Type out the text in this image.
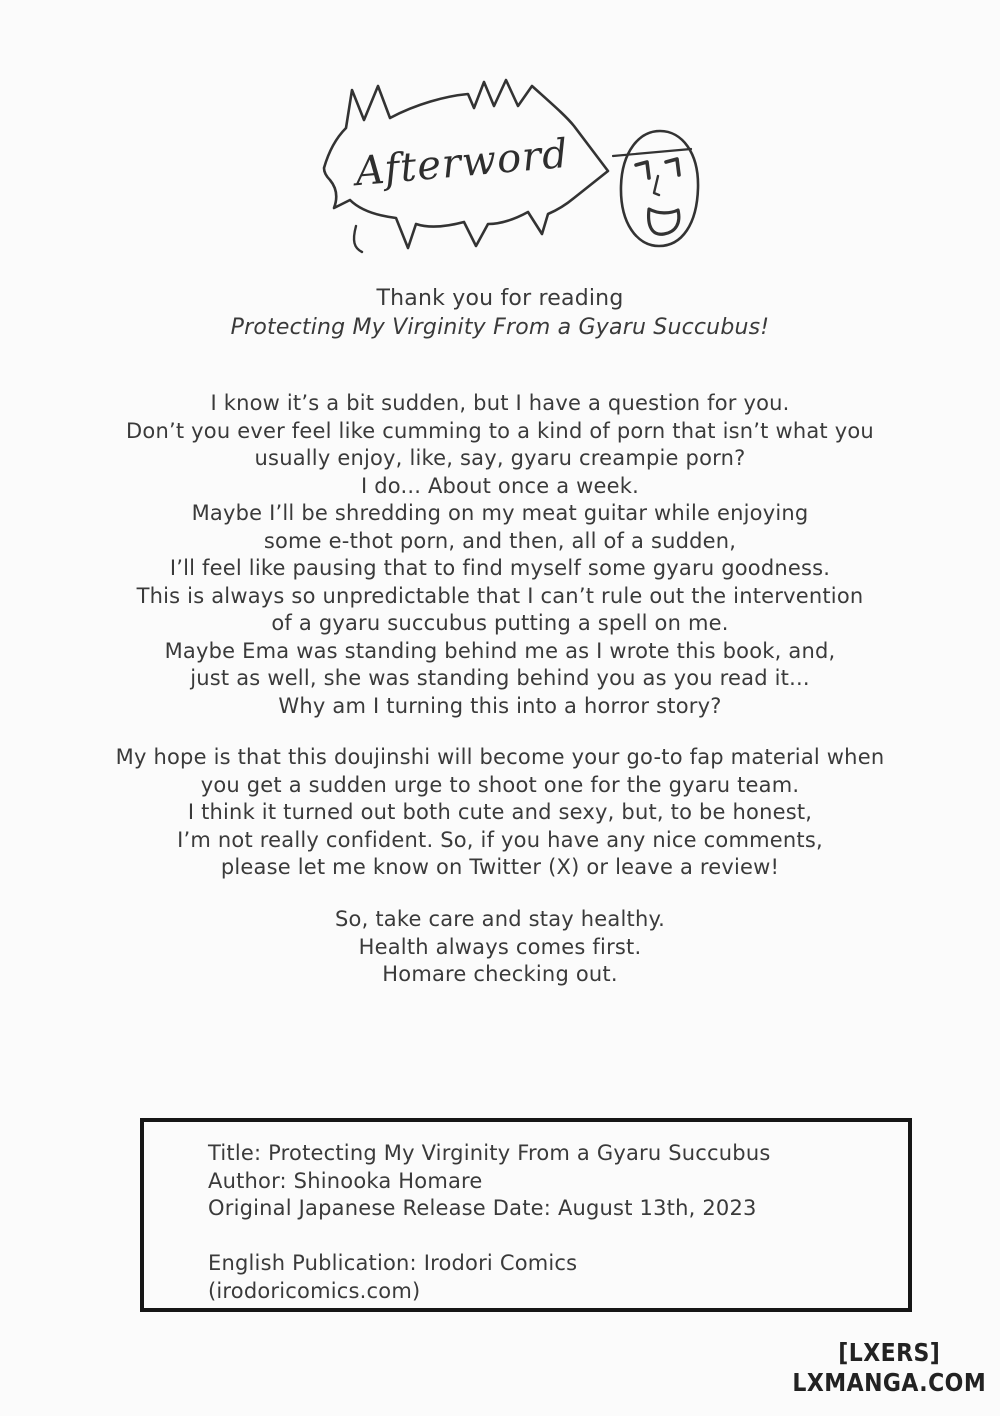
Afterword
Thank you for reading
Protecting My Virginity From a Gyaru Succubus!
I know it’s a bit sudden, but I have a question for you.
Don’t you ever feel like cumming to a kind of porn that isn’t what you
usually enjoy, like, say, gyaru creampie porn?
I do... About once a week.
Maybe I’ll be shredding on my meat guitar while enjoying
some e-thot porn, and then, all of a sudden,
I’ll feel like pausing that to find myself some gyaru goodness.
This is always so unpredictable that I can’t rule out the intervention
of a gyaru succubus putting a spell on me.
Maybe Ema was standing behind me as I wrote this book, and,
just as well, she was standing behind you as you read it...
Why am I turning this into a horror story?
My hope is that this doujinshi will become your go-to fap material when
you get a sudden urge to shoot one for the gyaru team.
I think it turned out both cute and sexy, but, to be honest,
I’m not really confident. So, if you have any nice comments,
please let me know on Twitter (X) or leave a review!
So, take care and stay healthy.
Health always comes first.
Homare checking out.
Title: Protecting My Virginity From a Gyaru Succubus
Author: Shinooka Homare
Original Japanese Release Date: August 13th, 2023
English Publication: Irodori Comics
(irodoricomics.com)
[LXERS]
LXMANGA.COM
